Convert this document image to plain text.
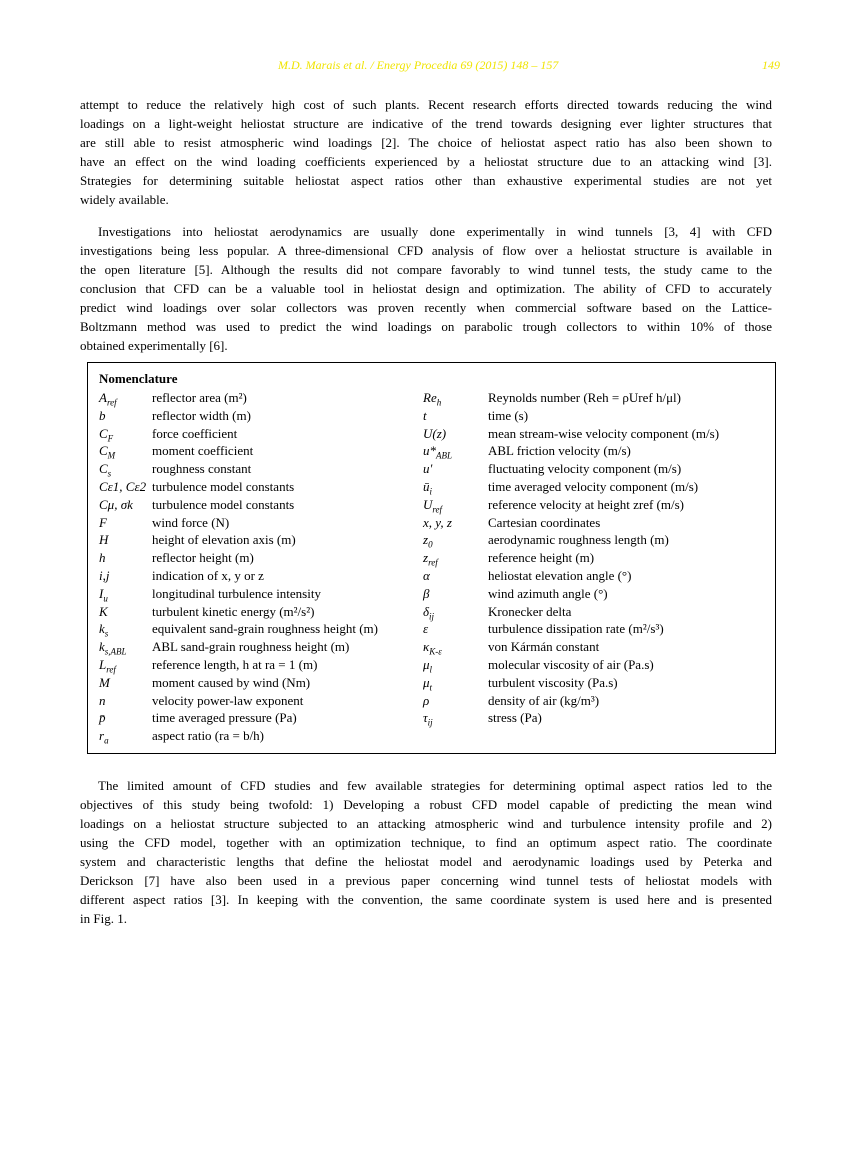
M.D. Marais et al. / Energy Procedia 69 (2015) 148 – 157	149
attempt to reduce the relatively high cost of such plants. Recent research efforts directed towards reducing the wind
loadings on a light-weight heliostat structure are indicative of the trend towards designing ever lighter structures that
are still able to resist atmospheric wind loadings [2]. The choice of heliostat aspect ratio has also been shown to
have an effect on the wind loading coefficients experienced by a heliostat structure due to an attacking wind [3].
Strategies for determining suitable heliostat aspect ratios other than exhaustive experimental studies are not yet
widely available.
Investigations into heliostat aerodynamics are usually done experimentally in wind tunnels [3, 4] with CFD
investigations being less popular. A three-dimensional CFD analysis of flow over a heliostat structure is available in
the open literature [5]. Although the results did not compare favorably to wind tunnel tests, the study came to the
conclusion that CFD can be a valuable tool in heliostat design and optimization. The ability of CFD to accurately
predict wind loadings over solar collectors was proven recently when commercial software based on the Lattice-
Boltzmann method was used to predict the wind loadings on parabolic trough collectors to within 10% of those
obtained experimentally [6].
Nomenclature
$A_{ref}$	reflector area (m²)
b	reflector width (m)
$C_F$	force coefficient
$C_M$	moment coefficient
$C_s$	roughness constant
Cε1, Cε2 turbulence model constants
Cμ, σk turbulence model constants
F	wind force (N)
H	height of elevation axis (m)
h	reflector height (m)
i,j	indication of x, y or z
$I_u$	longitudinal turbulence intensity
K	turbulent kinetic energy (m²/s²)
$k_s$	equivalent sand-grain roughness height (m)
$k_{s,ABL}$ ABL sand-grain roughness height (m)
$L_{ref}$	reference length, h at ra = 1 (m)
M	moment caused by wind (Nm)
n	velocity power-law exponent
p̄	time averaged pressure (Pa)
$r_a$	aspect ratio (ra = b/h)
$Re_h$	Reynolds number (Reh = ρUref h/μl)
t	time (s)
U(z)	mean stream-wise velocity component (m/s)
$u*_{ABL}$	ABL friction velocity (m/s)
u'	fluctuating velocity component (m/s)
$ū_i$	time averaged velocity component (m/s)
$U_{ref}$	reference velocity at height zref (m/s)
x, y, z	Cartesian coordinates
$z_0$	aerodynamic roughness length (m)
$z_{ref}$	reference height (m)
α	heliostat elevation angle (°)
β	wind azimuth angle (°)
$\delta_{ij}$	Kronecker delta
ε	turbulence dissipation rate (m²/s³)
$\kappa_{K-\varepsilon}$	von Kármán constant
$\mu_l$	molecular viscosity of air (Pa.s)
$\mu_t$	turbulent viscosity (Pa.s)
ρ	density of air (kg/m³)
$\tau_{ij}$	stress (Pa)
The limited amount of CFD studies and few available strategies for determining optimal aspect ratios led to the
objectives of this study being twofold: 1) Developing a robust CFD model capable of predicting the mean wind
loadings on a heliostat structure subjected to an attacking atmospheric wind and turbulence intensity profile and 2)
using the CFD model, together with an optimization technique, to find an optimum aspect ratio. The coordinate
system and characteristic lengths that define the heliostat model and aerodynamic loadings used by Peterka and
Derickson [7] have also been used in a previous paper concerning wind tunnel tests of heliostat models with
different aspect ratios [3]. In keeping with the convention, the same coordinate system is used here and is presented
in Fig. 1.
